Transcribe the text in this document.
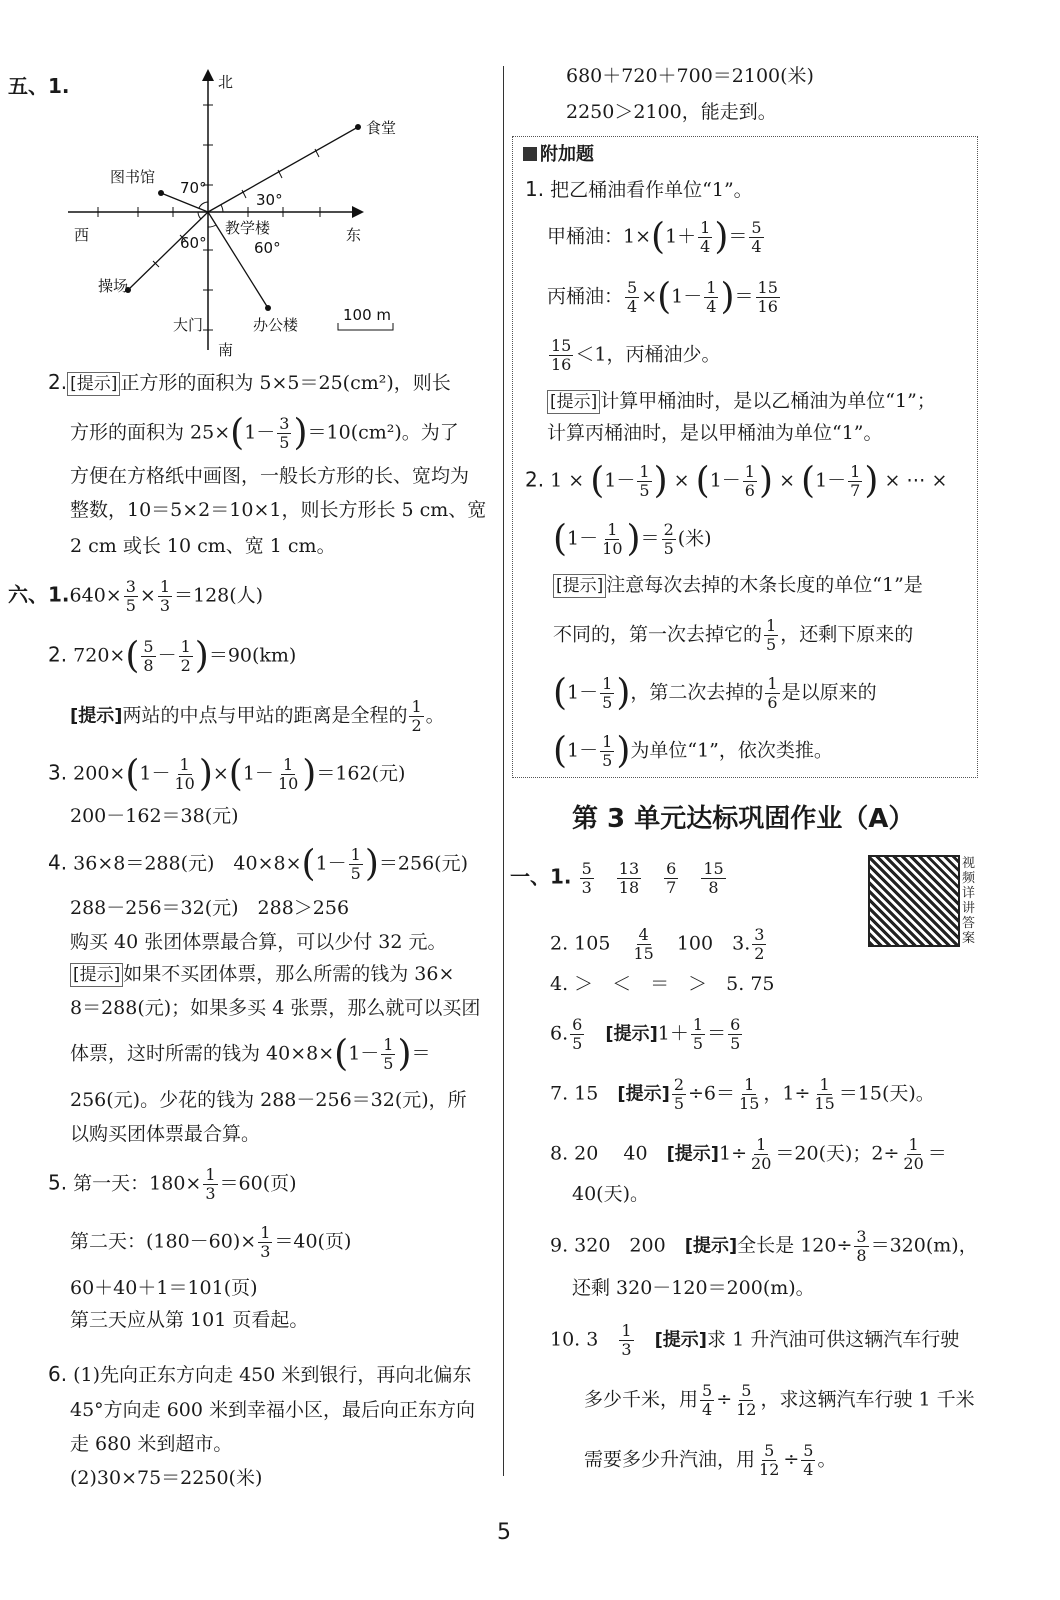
五、1.	北
南
东
西
食堂
图书馆
教学楼
操场
大门	办公楼
70°
30°
60°	60°
100 m
2. [提示] 正方形的面积为 5×5＝25(cm²)，则长
方形的面积为 $25\times(1- \frac{3}{5} )=10(cm^2)$。为了
方便在方格纸中画图，一般长方形的长、宽均为
整数，10＝5×2＝10×1，则长方形长 5 cm、宽
2 cm 或长 10 cm、宽 1 cm。
六、$1.640\times \frac{3}{5} \times \frac{1}{3} =128$(人)
2. $720\times( \frac{5}{8} - \frac{1}{2} )=90(km)$
[提示]两站的中点与甲站的距离是全程的 $\frac{1}{2}$ 。
3. $200\times(1- \frac{1}{10} )\times(1- \frac{1}{10} )=162$(元)
200－162＝38(元)
4. 36×8＝288(元)　$40\times 8\times(1- \frac{1}{5} )=256$(元)
288－256＝32(元)　288＞256
购买 40 张团体票最合算，可以少付 32 元。
[提示] 如果不买团体票，那么所需的钱为 36×
8＝288(元)；如果多买 4 张票，那么就可以买团
体票，这时所需的钱为 $40\times 8\times(1- \frac{1}{5}$ )＝
256(元)。少花的钱为 288－256＝32(元)，所
以购买团体票最合算。
5. 第一天：$180\times \frac{1}{3} =60$(页)
第二天：$(180-60)\times \frac{1}{3} =40$(页)
60＋40＋1＝101(页)
第三天应从第 101 页看起。
6. (1)先向正东方向走 450 米到银行，再向北偏东
45°方向走 600 米到幸福小区，最后向正东方向
走 680 米到超市。
(2)30×75＝2250(米)
680＋720＋700＝2100(米)
2250＞2100，能走到。
附加题
1. 把乙桶油看作单位“1”。
甲桶油：$1\times(1+ \frac{1}{4}$ )＝ $\frac{5}{4}$
丙桶油： $\frac{5}{4} \times(1- \frac{1}{4}$ )＝ $\frac{15}{16}$
$\frac{15}{16} <1$，丙桶油少。
[提示] 计算甲桶油时，是以乙桶油为单位“1”；
计算丙桶油时，是以甲桶油为单位“1”。
2. $1 \times (1- \frac{1}{5}$ ) × ($1- \frac{1}{6}$ ) × ($1- \frac{1}{7}$ ) × ⋯ ×
($1- \frac{1}{10}$ )＝ $\frac{2}{5}$ (米)
[提示] 注意每次去掉的木条长度的单位“1”是
不同的，第一次去掉它的 $\frac{1}{5}$ ，还剩下原来的
($1- \frac{1}{5}$ )，第二次去掉的 $\frac{1}{6}$ 是以原来的
($1- \frac{1}{5}$ )为单位“1”，依次类推。
第 3 单元达标巩固作业（A）
视频详讲答案
一、1. $\frac{5}{3}$
　 $\frac{13}{18}$
　 $\frac{6}{7}$
　 $\frac{15}{8}$
2. 105　 $\frac{4}{15}$
　 100　 3. $\frac{3}{2}$
4. ＞　＜　＝　＞　5. 75
6. $\frac{6}{5}$
　 [提示]$1+ \frac{1}{5} = \frac{6}{5}$
7. 15　 [提示] $\frac{2}{5} \div 6= \frac{1}{15}$ ，$1\div \frac{1}{15} =15$(天)。
8. 20　 40　 [提示]$1\div \frac{1}{20} =20$(天)；$2\div \frac{1}{20}$ ＝
40(天)。
9. 320　200　 [提示]全长是 $120\div \frac{3}{8} =320(m)$，
还剩 320－120＝200(m)。
10. 3　 $\frac{1}{3}$
　 [提示]求 1 升汽油可供这辆汽车行驶
多少千米，用 $\frac{5}{4} \div \frac{5}{12}$ ，求这辆汽车行驶 1 千米
需要多少升汽油，用 $\frac{5}{12} \div \frac{5}{4}$ 。
5
